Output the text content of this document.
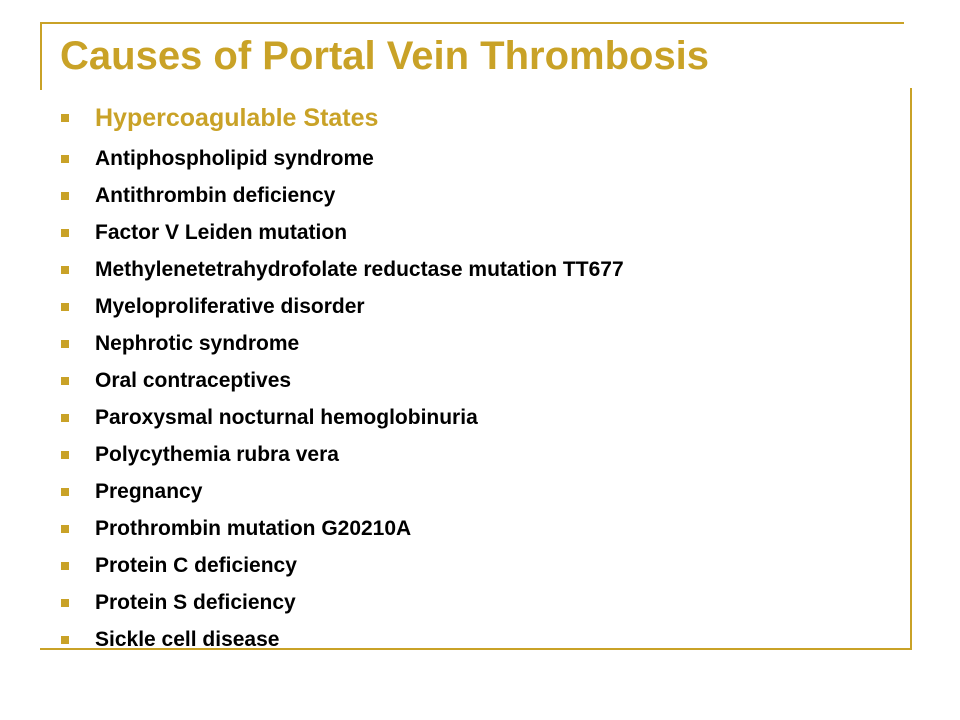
Causes of Portal Vein Thrombosis
Hypercoagulable States
Antiphospholipid syndrome
Antithrombin deficiency
Factor V Leiden mutation
Methylenetetrahydrofolate reductase mutation TT677
Myeloproliferative disorder
Nephrotic syndrome
Oral contraceptives
Paroxysmal nocturnal hemoglobinuria
Polycythemia rubra vera
Pregnancy
Prothrombin mutation G20210A
Protein C deficiency
Protein S deficiency
Sickle cell disease
